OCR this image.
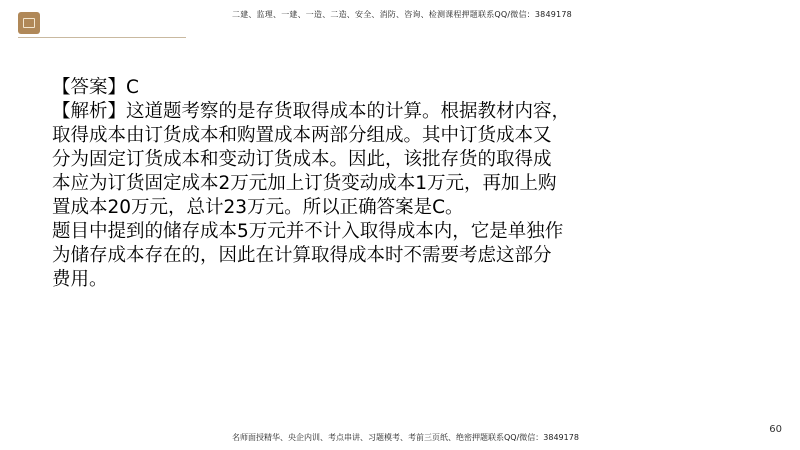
二建、监理、一建、一造、二造、安全、消防、咨询、检测课程押题联系QQ/微信：3849178

【答案】C

【解析】这道题考察的是存货取得成本的计算。根据教材内容，

取得成本由订货成本和购置成本两部分组成。其中订货成本又

分为固定订货成本和变动订货成本。因此，该批存货的取得成

本应为订货固定成本2万元加上订货变动成本1万元，再加上购

置成本20万元，总计23万元。所以正确答案是C。

题目中提到的储存成本5万元并不计入取得成本内，它是单独作

为储存成本存在的，因此在计算取得成本时不需要考虑这部分

费用。

60
名师面授精华、央企内训、考点串讲、习题模考、考前三页纸、绝密押题联系QQ/微信：3849178
